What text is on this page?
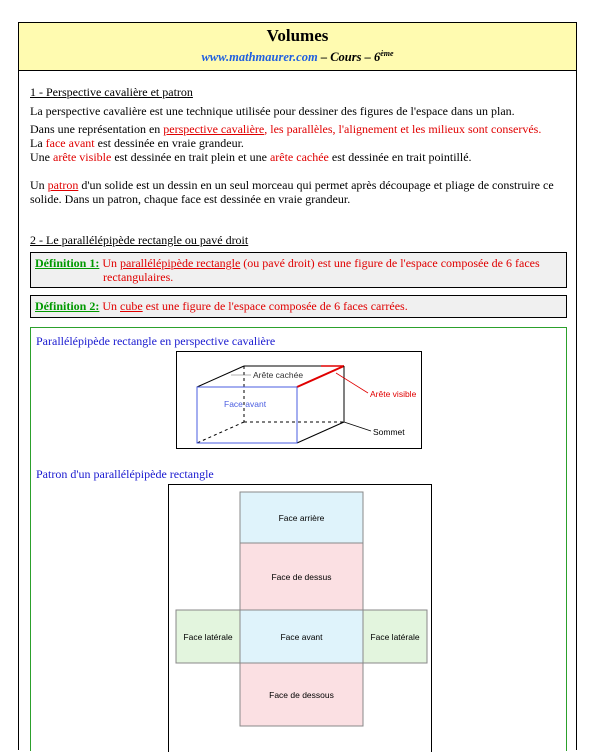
Volumes
www.mathmaurer.com – Cours – 6ème
1 - Perspective cavalière et patron
La perspective cavalière est une technique utilisée pour dessiner des figures de l'espace dans un plan.
Dans une représentation en perspective cavalière, les parallèles, l'alignement et les milieux sont conservés.
La face avant est dessinée en vraie grandeur.
Une arête visible est dessinée en trait plein et une arête cachée est dessinée en trait pointillé.
Un patron d'un solide est un dessin en un seul morceau qui permet après découpage et pliage de construire ce
solide. Dans un patron, chaque face est dessinée en vraie grandeur.
2 - Le parallélépipède rectangle ou pavé droit
Définition 1: Un parallélépipède rectangle (ou pavé droit) est une figure de l'espace composée de 6 faces
rectangulaires.
Définition 2: Un cube est une figure de l'espace composée de 6 faces carrées.
Parallélépipède rectangle en perspective cavalière
Face avant
Arête cachée
Arête visible
Sommet
Patron d'un parallélépipède rectangle
Face arrière
Face de dessus
Face latérale	Face avant	Face latérale
Face de dessous
